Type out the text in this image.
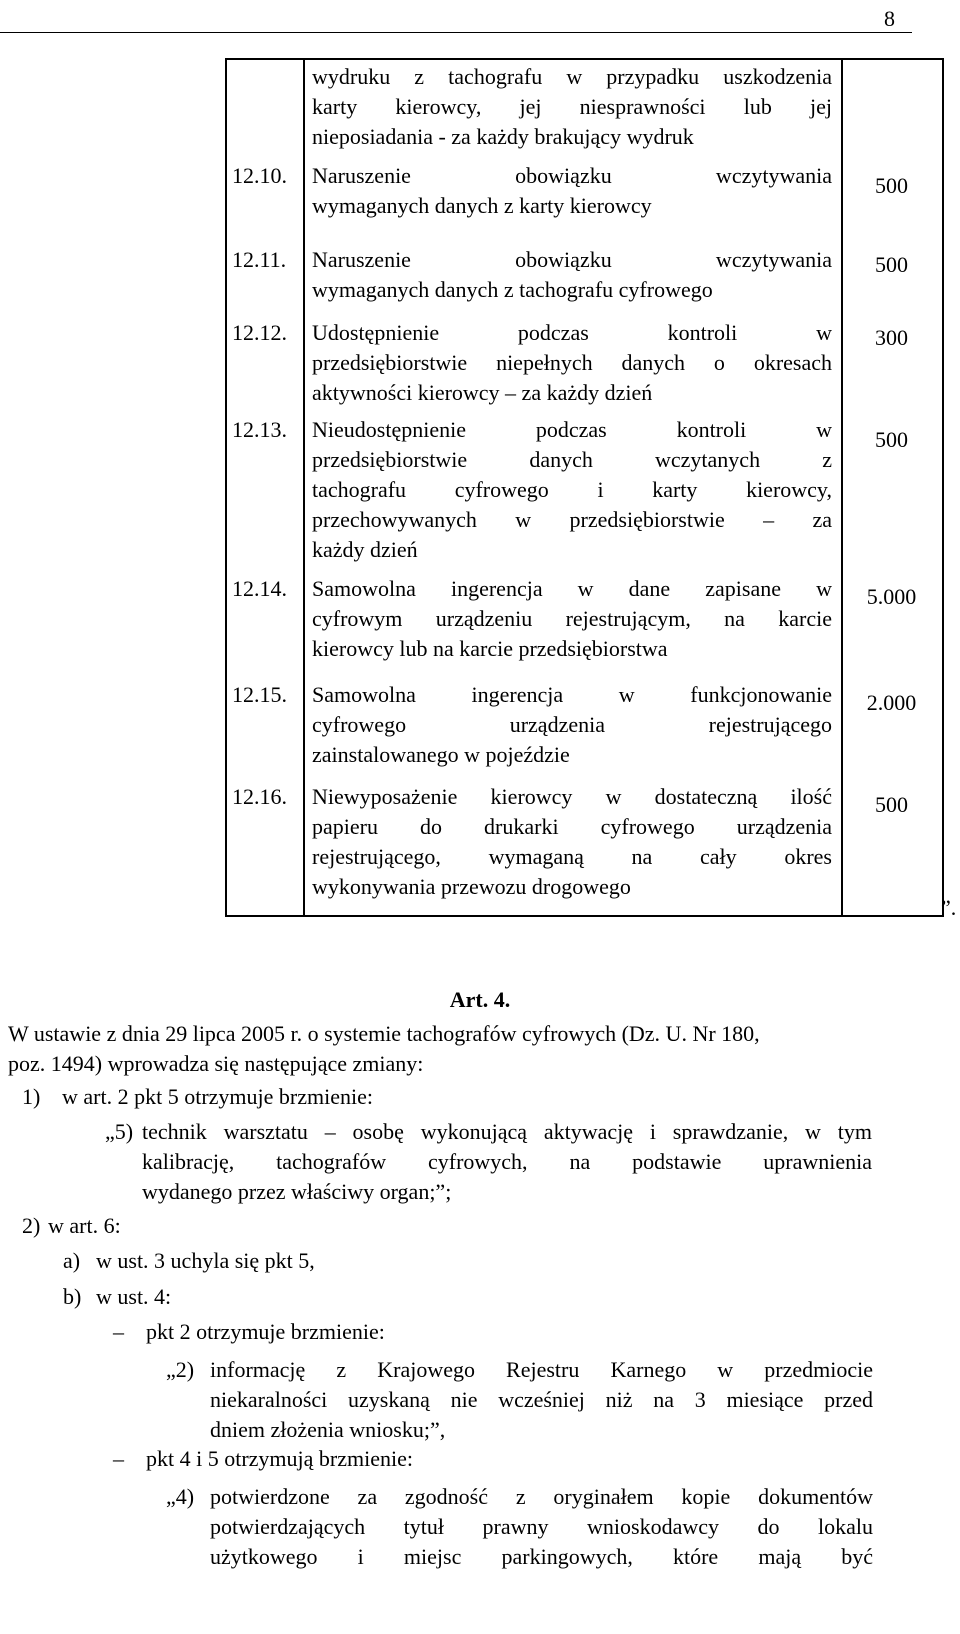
8
wydruku z tachografu w przypadku uszkodzenia
karty kierowcy, jej niesprawności lub jej
nieposiadania - za każdy brakujący wydruk
12.10.	Naruszenie obowiązku wczytywania
wymaganych danych z karty kierowcy
500
12.11.	Naruszenie obowiązku wczytywania
wymaganych danych z tachografu cyfrowego
500
12.12.	Udostępnienie podczas kontroli w
przedsiębiorstwie niepełnych danych o okresach
aktywności kierowcy – za każdy dzień
300
12.13.	Nieudostępnienie podczas kontroli w
przedsiębiorstwie danych wczytanych z
tachografu cyfrowego i karty kierowcy,
przechowywanych w przedsiębiorstwie – za
każdy dzień
500
12.14.	Samowolna ingerencja w dane zapisane w
cyfrowym urządzeniu rejestrującym, na karcie
kierowcy lub na karcie przedsiębiorstwa
5.000
12.15.	Samowolna ingerencja w funkcjonowanie
cyfrowego urządzenia rejestrującego
zainstalowanego w pojeździe
2.000
12.16.	Niewyposażenie kierowcy w dostateczną ilość
papieru do drukarki cyfrowego urządzenia
rejestrującego, wymaganą na cały okres
wykonywania przewozu drogowego
500
”.
Art. 4.
W ustawie z dnia 29 lipca 2005 r. o systemie tachografów cyfrowych (Dz. U. Nr 180,
poz. 1494) wprowadza się następujące zmiany:
1) w art. 2 pkt 5 otrzymuje brzmienie:
„5) technik warsztatu – osobę wykonującą aktywację i sprawdzanie, w tym
kalibrację, tachografów cyfrowych, na podstawie uprawnienia
wydanego przez właściwy organ;”;
2) w art. 6:
a) w ust. 3 uchyla się pkt 5,
b) w ust. 4:
– pkt 2 otrzymuje brzmienie:
„2) informację z Krajowego Rejestru Karnego w przedmiocie
niekaralności uzyskaną nie wcześniej niż na 3 miesiące przed
dniem złożenia wniosku;”,
– pkt 4 i 5 otrzymują brzmienie:
„4) potwierdzone za zgodność z oryginałem kopie dokumentów
potwierdzających tytuł prawny wnioskodawcy do lokalu
użytkowego i miejsc parkingowych, które mają być
